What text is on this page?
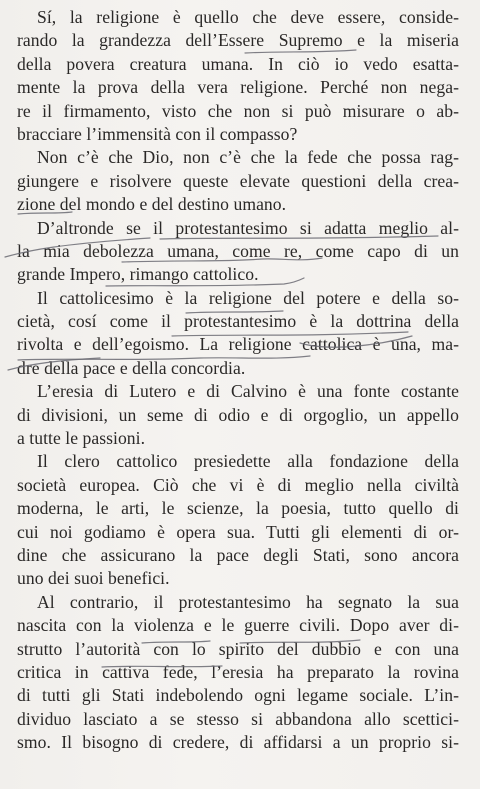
Sí, la religione è quello che deve essere, conside-
rando la grandezza dell’Essere Supremo e la miseria
della povera creatura umana. In ciò io vedo esatta-
mente la prova della vera religione. Perché non nega-
re il firmamento, visto che non si può misurare o ab-
bracciare l’immensità con il compasso?

Non c’è che Dio, non c’è che la fede che possa rag-
giungere e risolvere queste elevate questioni della crea-
zione del mondo e del destino umano.

D’altronde se il protestantesimo si adatta meglio al-
la mia debolezza umana, come re, come capo di un
grande Impero, rimango cattolico.

Il cattolicesimo è la religione del potere e della so-
cietà, cosí come il protestantesimo è la dottrina della
rivolta e dell’egoismo. La religione cattolica è una, ma-
dre della pace e della concordia.

L’eresia di Lutero e di Calvino è una fonte costante
di divisioni, un seme di odio e di orgoglio, un appello
a tutte le passioni.

Il clero cattolico presiedette alla fondazione della
società europea. Ciò che vi è di meglio nella civiltà
moderna, le arti, le scienze, la poesia, tutto quello di
cui noi godiamo è opera sua. Tutti gli elementi di or-
dine che assicurano la pace degli Stati, sono ancora
uno dei suoi benefici.

Al contrario, il protestantesimo ha segnato la sua
nascita con la violenza e le guerre civili. Dopo aver di-
strutto l’autorità con lo spirito del dubbio e con una
critica in cattiva fede, l’eresia ha preparato la rovina
di tutti gli Stati indebolendo ogni legame sociale. L’in-
dividuo lasciato a se stesso si abbandona allo scettici-
smo. Il bisogno di credere, di affidarsi a un proprio si-
